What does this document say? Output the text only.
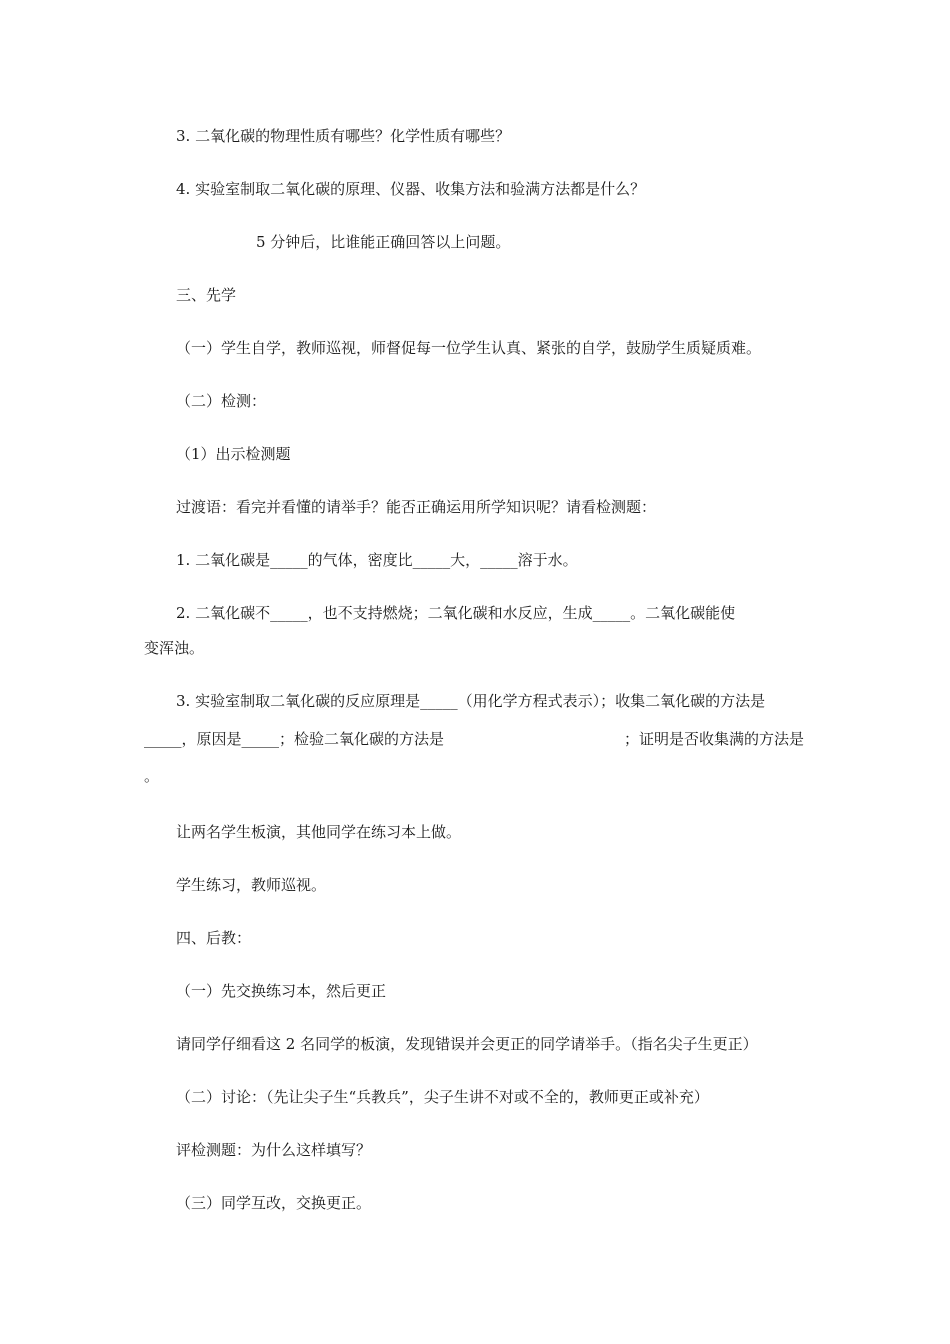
3. 二氧化碳的物理性质有哪些？化学性质有哪些？
4. 实验室制取二氧化碳的原理、仪器、收集方法和验满方法都是什么？
5 分钟后，比谁能正确回答以上问题。
三、先学
（一）学生自学，教师巡视，师督促每一位学生认真、紧张的自学，鼓励学生质疑质难。
（二）检测：
（1）出示检测题
过渡语：看完并看懂的请举手？能否正确运用所学知识呢？请看检测题：
1. 二氧化碳是_____的气体，密度比_____大，_____溶于水。
2. 二氧化碳不_____，也不支持燃烧；二氧化碳和水反应，生成_____。二氧化碳能使
变浑浊。
3. 实验室制取二氧化碳的反应原理是_____（用化学方程式表示）；收集二氧化碳的方法是
_____，原因是_____；检验二氧化碳的方法是	；证明是否收集满的方法是
。
让两名学生板演，其他同学在练习本上做。
学生练习，教师巡视。
四、后教：
（一）先交换练习本，然后更正
请同学仔细看这 2 名同学的板演，发现错误并会更正的同学请举手。（指名尖子生更正）
（二）讨论：（先让尖子生“兵教兵”，尖子生讲不对或不全的，教师更正或补充）
评检测题：为什么这样填写？
（三）同学互改，交换更正。
